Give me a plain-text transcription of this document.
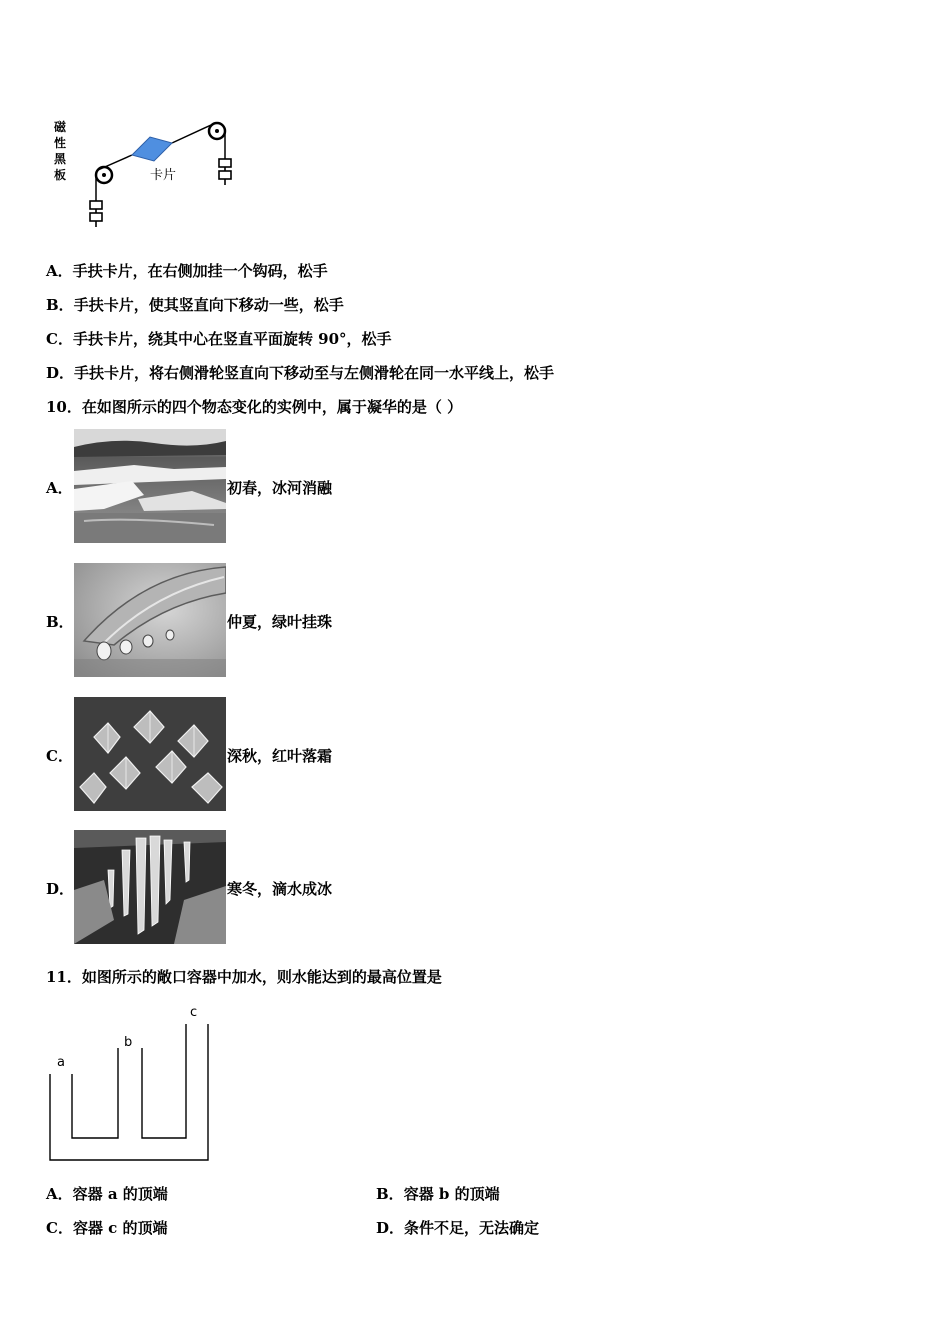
磁
性
黑
板	卡片
A．手扶卡片，在右侧加挂一个钩码，松手
B．手扶卡片，使其竖直向下移动一些，松手
C．手扶卡片，绕其中心在竖直平面旋转 90°，松手
D．手扶卡片，将右侧滑轮竖直向下移动至与左侧滑轮在同一水平线上，松手
10．在如图所示的四个物态变化的实例中，属于凝华的是（ ）
A．	初春，冰河消融
B．	仲夏，绿叶挂珠
C．	深秋，红叶落霜
D．	寒冬，滴水成冰
11．如图所示的敞口容器中加水，则水能达到的最高位置是
a
b
c
A．容器 a 的顶端	B．容器 b 的顶端
C．容器 c 的顶端	D．条件不足，无法确定
